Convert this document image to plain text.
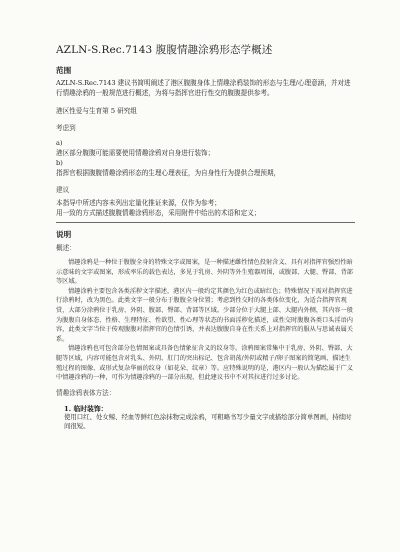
AZLN-S.Rec.7143 腹腹情趣涂鸦形态学概述
范围

AZLN-S.Rec.7143 建议书简明阐述了港区腹腹身体上情趣涂鸦装饰的形态与生理/心理意涵，并对进行情趣涂鸦的一般规范进行概述，为将与指挥官进行性交的腹腹提供参考。

港区性爱与生育第 5 研究组

考虑到

a)

港区部分腹腹可能需要使用情趣涂鸦对自身进行装饰；

b)

指挥官根据腹腹情趣涂鸦形态的生理心理表征，为自身性行为提供合理预期，

建议

本指导中所述内容未列出定量化推证来源，仅作为参考；

用一致的方式描述腹腹情趣涂鸦形态，采用附件中给出的术语和定义；

说明

概述：

情趣涂鸦是一种位于腹腹全身的特殊文字或图案，是一种描述雌性情色投射含义、具有对指挥官强烈性暗示意味的文字或图案，形成率乐的载色表达，多见于乳房、外阴等外生殖器周围，或腹部、大腿、臀部、背部等区域。

情趣涂鸦主要包含各类淫秽文字描述，港区内一般约定其颜色为红色或暗红色；特殊情况下需对指挥官进行涂鸦时，改为黑色。此类文字一般分布于腹腹全身位置；考虑到性交时的各类体位变化，为适合指挥官观赏，大部分涂鸦位于乳房、外阴、腹部、臀部、背部等区域。少部分位于大腿上部、大腿内外侧，其内容一般为腹腹自身体态、性格、生理特征、性欲望、性心理等状态的书面淫秽化描述，或性交时腹腹各类口头淫语内容，此类文字当位于传观腹腹对指挥官的色情引诱，并表达腹腹自身在性关系上对指挥官的服从与思诚表属关系。

情趣涂鸦也可包含部分色情图案或具备色情象征含义的纹身等。涂鸦图案常集中于乳房、外阴、臀部、大腿等区域，内容可能包含对乳头、外阴、肛门的突出标记、包含胡荡/外阴或精子/卵子图案的简笔画、描述生殖过程的图像、或形式复杂华丽的纹身（如花朵、纹章）等。应特殊说明的是，港区内一般认为描绘属于广义中情趣涂鸦的一种，可作为情趣涂鸦的一部分出现，但此建议书中不对其拉进行过多讨论。

情趣涂鸦表体方法：

1. 临时装饰：

使用口红、处女鲸、经血等鲜红色涂抹物完成涂鸦，可粗略书写少量文字或描绘部分简单图画，持续时间很短。
